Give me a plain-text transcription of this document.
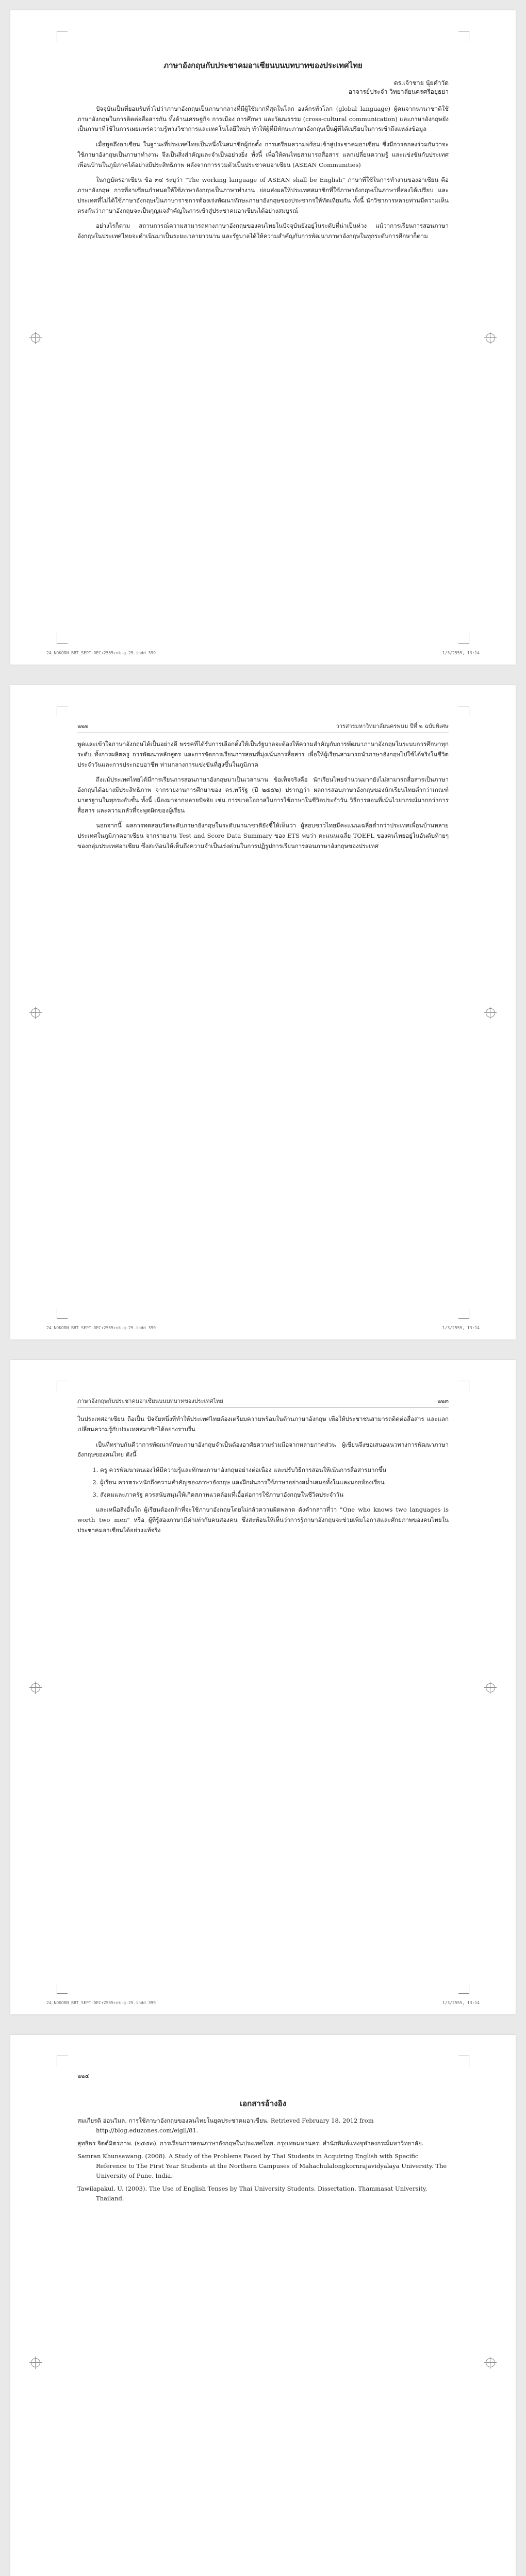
ภาษาอังกฤษกับประชาคมอาเซียนบนบทบาทของประเทศไทย
ดร.เจ้าชาย นุ้ยคำวัด
อาจารย์ประจำ วิทยาลัยนครศรีอยุธยา

ปัจจุบันเป็นที่ยอมรับทั่วไปว่าภาษาอังกฤษเป็นภาษากลางที่มีผู้ใช้มากที่สุดในโลก องค์กรทั่วโลก (global language) ผู้คนจากนานาชาติใช้ภาษาอังกฤษในการติดต่อสื่อสารกัน ทั้งด้านเศรษฐกิจ การเมือง การศึกษา และวัฒนธรรม (cross-cultural communication) และภาษาอังกฤษยังเป็นภาษาที่ใช้ในการเผยแพร่ความรู้ทางวิชาการและเทคโนโลยีใหม่ๆ ทำให้ผู้ที่มีทักษะภาษาอังกฤษเป็นผู้ที่ได้เปรียบในการเข้าถึงแหล่งข้อมูล

เมื่อพูดถึงอาเซียน ในฐานะที่ประเทศไทยเป็นหนึ่งในสมาชิกผู้ก่อตั้ง การเตรียมความพร้อมเข้าสู่ประชาคมอาเซียน ซึ่งมีการตกลงร่วมกันว่าจะใช้ภาษาอังกฤษเป็นภาษาทำงาน จึงเป็นสิ่งสำคัญและจำเป็นอย่างยิ่ง ทั้งนี้ เพื่อให้คนไทยสามารถสื่อสาร แลกเปลี่ยนความรู้ และแข่งขันกับประเทศเพื่อนบ้านในภูมิภาคได้อย่างมีประสิทธิภาพ หลังจากการรวมตัวเป็นประชาคมอาเซียน (ASEAN Communities)

ในกฎบัตรอาเซียน ข้อ ๓๔ ระบุว่า "The working language of ASEAN shall be English" ภาษาที่ใช้ในการทำงานของอาเซียน คือ ภาษาอังกฤษ การที่อาเซียนกำหนดให้ใช้ภาษาอังกฤษเป็นภาษาทำงาน ย่อมส่งผลให้ประเทศสมาชิกที่ใช้ภาษาอังกฤษเป็นภาษาที่สองได้เปรียบ และประเทศที่ไม่ได้ใช้ภาษาอังกฤษเป็นภาษาราชการต้องเร่งพัฒนาทักษะภาษาอังกฤษของประชากรให้ทัดเทียมกัน ทั้งนี้ นักวิชาการหลายท่านมีความเห็นตรงกันว่าภาษาอังกฤษจะเป็นกุญแจสำคัญในการเข้าสู่ประชาคมอาเซียนได้อย่างสมบูรณ์

อย่างไรก็ตาม สถานการณ์ความสามารถทางภาษาอังกฤษของคนไทยในปัจจุบันยังอยู่ในระดับที่น่าเป็นห่วง แม้ว่าการเรียนการสอนภาษาอังกฤษในประเทศไทยจะดำเนินมาเป็นระยะเวลายาวนาน และรัฐบาลได้ให้ความสำคัญกับการพัฒนาภาษาอังกฤษในทุกระดับการศึกษาก็ตาม

24_NOKORN_BBT_SEPT-DEC+2555+nk-g-25.indd 399	1/3/2555, 13:14
๒๒๒	วารสารมหาวิทยาลัยนครพนม ปีที่ ๒ ฉบับพิเศษ

พูดและเข้าใจภาษาอังกฤษได้เป็นอย่างดี พรรคที่ได้รับการเลือกตั้งให้เป็นรัฐบาลจะต้องให้ความสำคัญกับการพัฒนาภาษาอังกฤษในระบบการศึกษาทุกระดับ ทั้งการผลิตครู การพัฒนาหลักสูตร และการจัดการเรียนการสอนที่มุ่งเน้นการสื่อสาร เพื่อให้ผู้เรียนสามารถนำภาษาอังกฤษไปใช้ได้จริงในชีวิตประจำวันและการประกอบอาชีพ ท่ามกลางการแข่งขันที่สูงขึ้นในภูมิภาค

ถึงแม้ประเทศไทยได้มีการเรียนการสอนภาษาอังกฤษมาเป็นเวลานาน ข้อเท็จจริงคือ นักเรียนไทยจำนวนมากยังไม่สามารถสื่อสารเป็นภาษาอังกฤษได้อย่างมีประสิทธิภาพ จากรายงานการศึกษาของ ดร.ทวีรัฐ (ปี ๒๕๕๒) ปรากฏว่า ผลการสอบภาษาอังกฤษของนักเรียนไทยต่ำกว่าเกณฑ์มาตรฐานในทุกระดับชั้น ทั้งนี้ เนื่องมาจากหลายปัจจัย เช่น การขาดโอกาสในการใช้ภาษาในชีวิตประจำวัน วิธีการสอนที่เน้นไวยากรณ์มากกว่าการสื่อสาร และความกลัวที่จะพูดผิดของผู้เรียน

นอกจากนี้ ผลการทดสอบวัดระดับภาษาอังกฤษในระดับนานาชาติยังชี้ให้เห็นว่า ผู้สอบชาวไทยมีคะแนนเฉลี่ยต่ำกว่าประเทศเพื่อนบ้านหลายประเทศในภูมิภาคอาเซียน จากรายงาน Test and Score Data Summary ของ ETS พบว่า คะแนนเฉลี่ย TOEFL ของคนไทยอยู่ในอันดับท้ายๆ ของกลุ่มประเทศอาเซียน ซึ่งสะท้อนให้เห็นถึงความจำเป็นเร่งด่วนในการปฏิรูปการเรียนการสอนภาษาอังกฤษของประเทศ

24_NOKORN_BBT_SEPT-DEC+2555+nk-g-25.indd 399	1/3/2555, 13:14
ภาษาอังกฤษกับประชาคมอาเซียนบนบทบาทของประเทศไทย	๒๒๓

ในประเทศอาเซียน ถือเป็น ปัจจัยหนึ่งที่ทำให้ประเทศไทยต้องเตรียมความพร้อมในด้านภาษาอังกฤษ เพื่อให้ประชาชนสามารถติดต่อสื่อสาร และแลกเปลี่ยนความรู้กับประเทศสมาชิกได้อย่างราบรื่น

เป็นที่ทราบกันดีว่าการพัฒนาทักษะภาษาอังกฤษจำเป็นต้องอาศัยความร่วมมือจากหลายภาคส่วน ผู้เขียนจึงขอเสนอแนวทางการพัฒนาภาษาอังกฤษของคนไทย ดังนี้

1. ครู ควรพัฒนาตนเองให้มีความรู้และทักษะภาษาอังกฤษอย่างต่อเนื่อง และปรับวิธีการสอนให้เน้นการสื่อสารมากขึ้น
2. ผู้เรียน ควรตระหนักถึงความสำคัญของภาษาอังกฤษ และฝึกฝนการใช้ภาษาอย่างสม่ำเสมอทั้งในและนอกห้องเรียน
3. สังคมและภาครัฐ ควรสนับสนุนให้เกิดสภาพแวดล้อมที่เอื้อต่อการใช้ภาษาอังกฤษในชีวิตประจำวัน

และเหนือสิ่งอื่นใด ผู้เรียนต้องกล้าที่จะใช้ภาษาอังกฤษโดยไม่กลัวความผิดพลาด ดังคำกล่าวที่ว่า "One who knows two languages is worth two men" หรือ ผู้ที่รู้สองภาษามีค่าเท่ากับคนสองคน ซึ่งสะท้อนให้เห็นว่าการรู้ภาษาอังกฤษจะช่วยเพิ่มโอกาสและศักยภาพของคนไทยในประชาคมอาเซียนได้อย่างแท้จริง

24_NOKORN_BBT_SEPT-DEC+2555+nk-g-25.indd 399	1/3/2555, 13:14
๒๒๔
เอกสารอ้างอิง
สมเกียรติ อ่อนวิมล. การใช้ภาษาอังกฤษของคนไทยในยุคประชาคมอาเซียน. Retrieved February 18, 2012 from http://blog.eduzones.com/eigll/81.
สุทธิพร จิตต์มิตรภาพ. (๒๕๕๓). การเรียนการสอนภาษาอังกฤษในประเทศไทย. กรุงเทพมหานคร: สำนักพิมพ์แห่งจุฬาลงกรณ์มหาวิทยาลัย.
Samran Khunsawang. (2008). A Study of the Problems Faced by Thai Students in Acquiring English with Specific Reference to The First Year Students at the Northern Campuses of Mahachulalongkornrajavidyalaya University. The University of Pune, India.
Tawilapakul, U. (2003). The Use of English Tenses by Thai University Students. Dissertation. Thammasat University, Thailand.
